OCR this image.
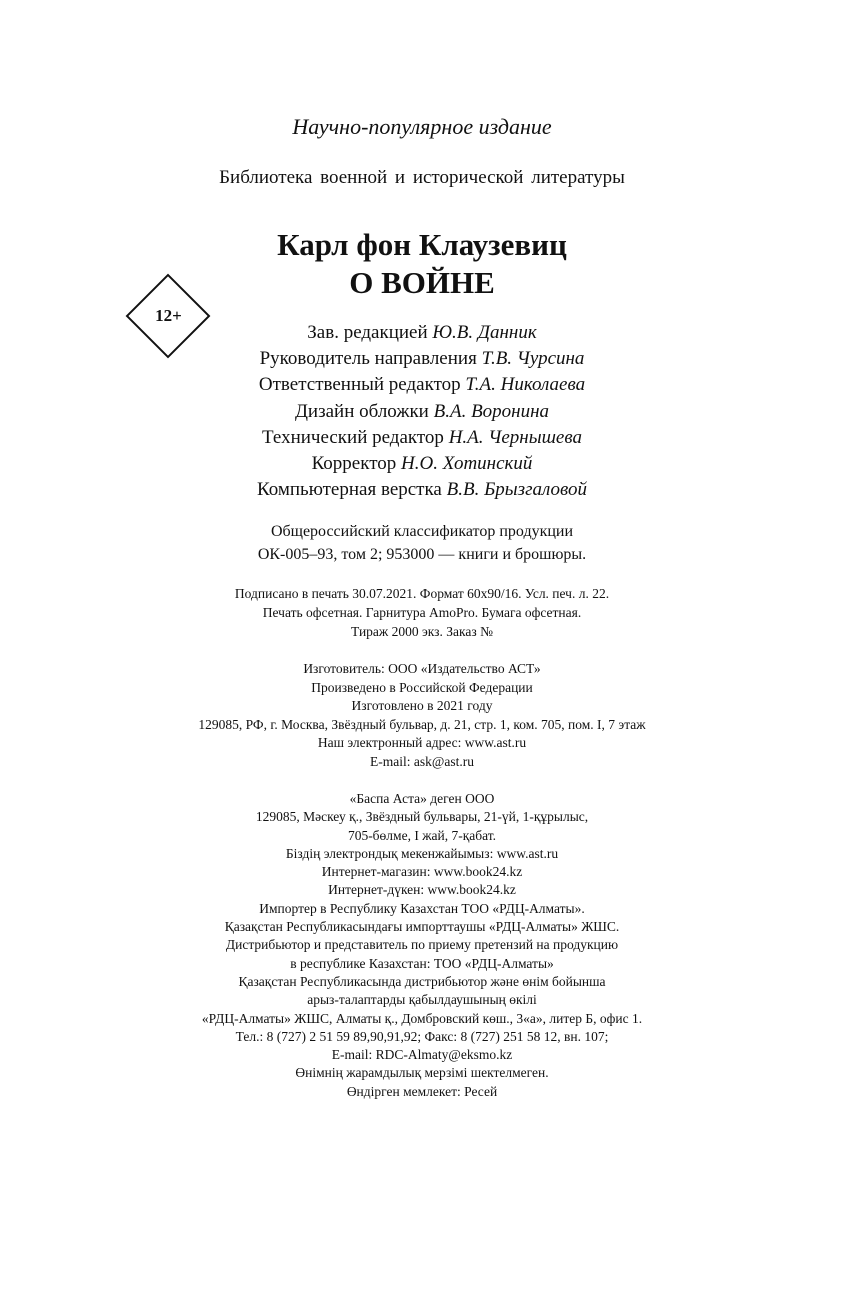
Научно-популярное издание
Библиотека военной и исторической литературы
Карл фон Клаузевиц
О ВОЙНЕ
12+
Зав. редакцией Ю.В. Данник
Руководитель направления Т.В. Чурсина
Ответственный редактор Т.А. Николаева
Дизайн обложки В.А. Воронина
Технический редактор Н.А. Чернышева
Корректор Н.О. Хотинский
Компьютерная верстка В.В. Брызгаловой
Общероссийский классификатор продукции
ОК-005–93, том 2; 953000 — книги и брошюры.
Подписано в печать 30.07.2021. Формат 60х90/16. Усл. печ. л. 22.
Печать офсетная. Гарнитура AmoPro. Бумага офсетная.
Тираж 2000 экз. Заказ №
Изготовитель: ООО «Издательство АСТ»
Произведено в Российской Федерации
Изготовлено в 2021 году
129085, РФ, г. Москва, Звёздный бульвар, д. 21, стр. 1, ком. 705, пом. I, 7 этаж
Наш электронный адрес: www.ast.ru
E-mail: ask@ast.ru
«Баспа Аста» деген ООО
129085, Мәскеу қ., Звёздный бульвары, 21-үй, 1-құрылыс,
705-бөлме, I жай, 7-қабат.
Біздің электрондық мекенжайымыз: www.ast.ru
Интернет-магазин: www.book24.kz
Интернет-дүкен: www.book24.kz
Импортер в Республику Казахстан ТОО «РДЦ-Алматы».
Қазақстан Республикасындағы импорттаушы «РДЦ-Алматы» ЖШС.
Дистрибьютор и представитель по приему претензий на продукцию
в республике Казахстан: ТОО «РДЦ-Алматы»
Қазақстан Республикасында дистрибьютор және өнім бойынша
арыз-талаптарды қабылдаушының өкілі
«РДЦ-Алматы» ЖШС, Алматы қ., Домбровский көш., 3«а», литер Б, офис 1.
Тел.: 8 (727) 2 51 59 89,90,91,92; Факс: 8 (727) 251 58 12, вн. 107;
E-mail: RDC-Almaty@eksmo.kz
Өнімнің жарамдылық мерзімі шектелмеген.
Өндірген мемлекет: Ресей
